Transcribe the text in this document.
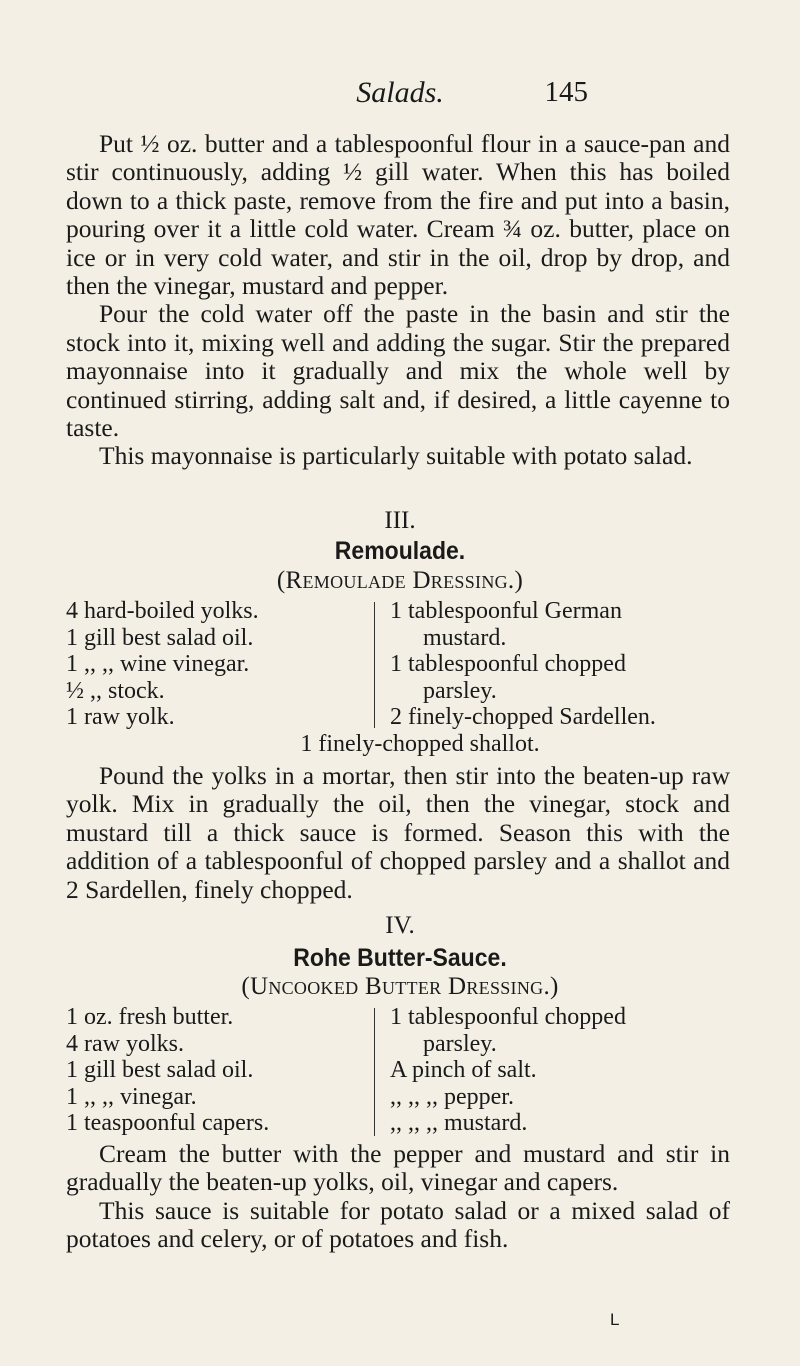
Salads.	145

Put ½ oz. butter and a tablespoonful flour in a sauce-pan and stir continuously, adding ½ gill water. When this has boiled down to a thick paste, remove from the fire and put into a basin, pouring over it a little cold water. Cream ¾ oz. butter, place on ice or in very cold water, and stir in the oil, drop by drop, and then the vinegar, mustard and pepper.

Pour the cold water off the paste in the basin and stir the stock into it, mixing well and adding the sugar. Stir the prepared mayonnaise into it gradually and mix the whole well by continued stirring, adding salt and, if desired, a little cayenne to taste.

This mayonnaise is particularly suitable with potato salad.

III.
Remoulade.
(Remoulade Dressing.)
4 hard-boiled yolks.
1 gill best salad oil.
1 ,, ,, wine vinegar.
½ ,, stock.
1 raw yolk.
1 tablespoonful German
mustard.
1 tablespoonful chopped
parsley.
2 finely-chopped Sardellen.
1 finely-chopped shallot.

Pound the yolks in a mortar, then stir into the beaten-up raw yolk. Mix in gradually the oil, then the vinegar, stock and mustard till a thick sauce is formed. Season this with the addition of a tablespoonful of chopped parsley and a shallot and 2 Sardellen, finely chopped.

IV.
Rohe Butter-Sauce.
(Uncooked Butter Dressing.)
1 oz. fresh butter.
4 raw yolks.
1 gill best salad oil.
1 ,, ,, vinegar.
1 teaspoonful capers.
1 tablespoonful chopped
parsley.
A pinch of salt.
,, ,, ,, pepper.
,, ,, ,, mustard.

Cream the butter with the pepper and mustard and stir in gradually the beaten-up yolks, oil, vinegar and capers.

This sauce is suitable for potato salad or a mixed salad of potatoes and celery, or of potatoes and fish.

L
